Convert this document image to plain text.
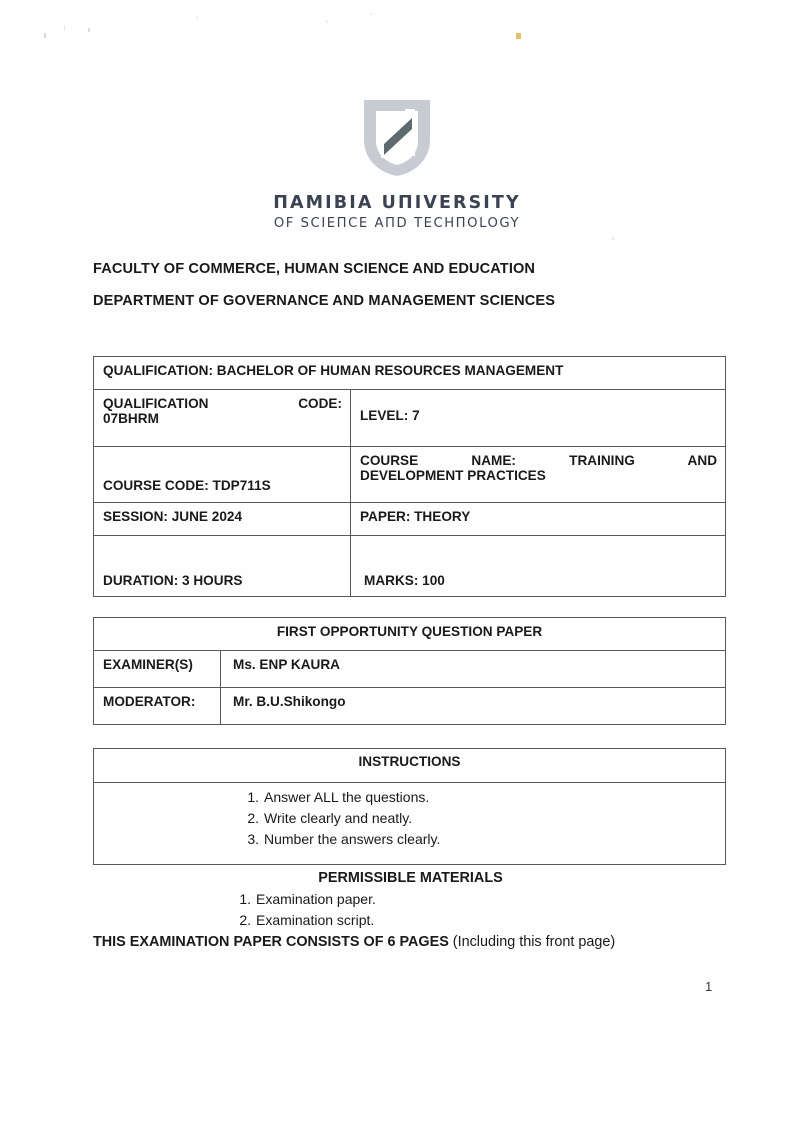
ΠAMIBIA UΠIVERSITY
OF SCIEΠCE AΠD TECHΠOLOGY
FACULTY OF COMMERCE, HUMAN SCIENCE AND EDUCATION
DEPARTMENT OF GOVERNANCE AND MANAGEMENT SCIENCES
QUALIFICATION: BACHELOR OF HUMAN RESOURCES MANAGEMENT	

QUALIFICATION CODE:
07BHRM	LEVEL: 7
COURSE CODE: TDP711S	COURSE NAME: TRAINING AND
DEVELOPMENT PRACTICES

SESSION: JUNE 2024	PAPER: THEORY
DURATION: 3 HOURS	MARKS: 100
FIRST OPPORTUNITY QUESTION PAPER	
EXAMINER(S)	Ms. ENP KAURA
MODERATOR:	Mr. B.U.Shikongo
INSTRUCTIONS

1. Answer ALL the questions.
2. Write clearly and neatly.
3. Number the answers clearly.
PERMISSIBLE MATERIALS
1. Examination paper.
2. Examination script.
THIS EXAMINATION PAPER CONSISTS OF 6 PAGES (Including this front page)
1
